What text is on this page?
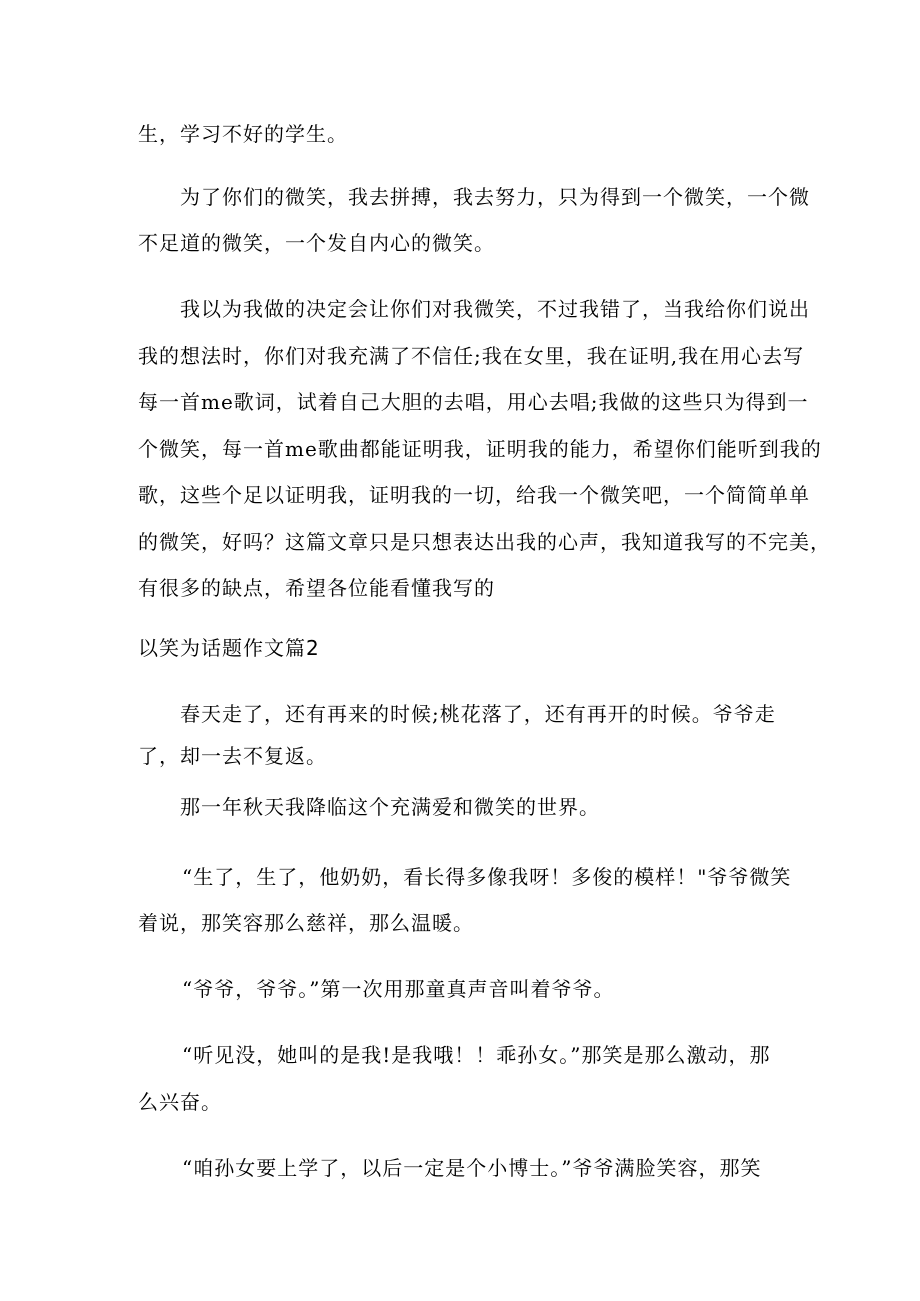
生，学习不好的学生。
为了你们的微笑，我去拼搏，我去努力，只为得到一个微笑，一个微
不足道的微笑，一个发自内心的微笑。
我以为我做的决定会让你们对我微笑，不过我错了，当我给你们说出
我的想法时，你们对我充满了不信任;我在女里，我在证明,我在用心去写
每一首me歌词，试着自己大胆的去唱，用心去唱;我做的这些只为得到一
个微笑，每一首me歌曲都能证明我，证明我的能力，希望你们能听到我的
歌，这些个足以证明我，证明我的一切，给我一个微笑吧，一个简简单单
的微笑，好吗？这篇文章只是只想表达出我的心声，我知道我写的不完美，
有很多的缺点，希望各位能看懂我写的
以笑为话题作文篇2
春天走了，还有再来的时候;桃花落了，还有再开的时候。爷爷走
了，却一去不复返。
那一年秋天我降临这个充满爱和微笑的世界。
“生了，生了，他奶奶，看长得多像我呀！多俊的模样！"爷爷微笑
着说，那笑容那么慈祥，那么温暖。
“爷爷，爷爷。”第一次用那童真声音叫着爷爷。
“听见没，她叫的是我!是我哦！！乖孙女。”那笑是那么激动，那
么兴奋。
“咱孙女要上学了，以后一定是个小博士。”爷爷满脸笑容，那笑
